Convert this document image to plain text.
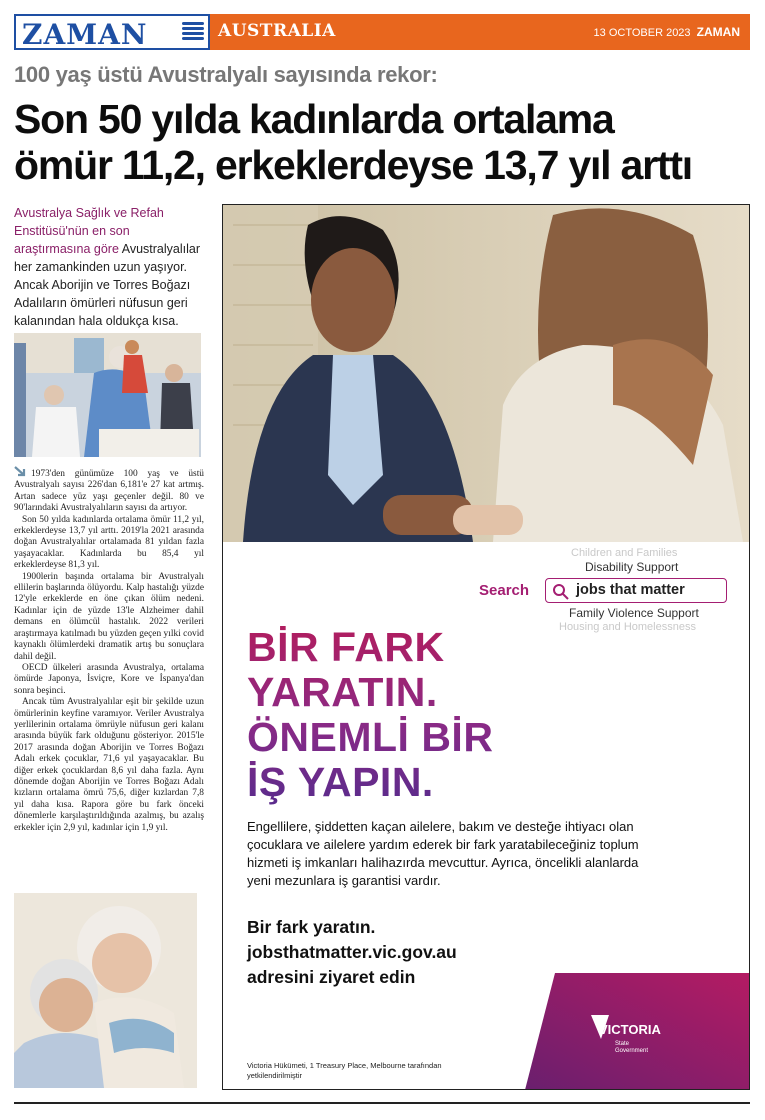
ZAMAN	AUSTRALIA	13 OCTOBER 2023 ZAMAN
100 yaş üstü Avustralyalı sayısında rekor:
Son 50 yılda kadınlarda ortalama
ömür 11,2, erkeklerdeyse 13,7 yıl arttı
Avustralya Sağlık ve Refah Enstitüsü'nün en son araştırmasına göre Avustralyalılar her zamankinden uzun yaşıyor. Ancak Aborijin ve Torres Boğazı Adalıların ömürleri nüfusun geri kalanından hala oldukça kısa.

1973'den günümüze 100 yaş ve üstü Avustralyalı sayısı 226'dan 6,181'e 27 kat artmış. Artan sadece yüz yaşı geçenler değil. 80 ve 90'larındaki Avustralyalıların sayısı da artıyor.

Son 50 yılda kadınlarda ortalama ömür 11,2 yıl, erkeklerdeyse 13,7 yıl arttı. 2019'la 2021 arasında doğan Avustralyalılar ortalamada 81 yıldan fazla yaşayacaklar. Kadınlarda bu 85,4 yıl erkeklerdeyse 81,3 yıl.

1900lerin başında ortalama bir Avustralyalı ellilerin başlarında ölüyordu. Kalp hastalığı yüzde 12'yle erkeklerde en öne çıkan ölüm nedeni. Kadınlar için de yüzde 13'le Alzheimer dahil demans en ölümcül hastalık. 2022 verileri araştırmaya katılmadı bu yüzden geçen yılki covid kaynaklı ölümlerdeki dramatik artış bu sonuçlara dahil değil.

OECD ülkeleri arasında Avustralya, ortalama ömürde Japonya, İsviçre, Kore ve İspanya'dan sonra beşinci.

Ancak tüm Avustralyalılar eşit bir şekilde uzun ömürlerinin keyfine varamıyor. Veriler Avustralya yerlilerinin ortalama ömrüyle nüfusun geri kalanı arasında büyük fark olduğunu gösteriyor. 2015'le 2017 arasında doğan Aborijin ve Torres Boğazı Adalı erkek çocuklar, 71,6 yıl yaşayacaklar. Bu diğer erkek çocuklardan 8,6 yıl daha fazla. Aynı dönemde doğan Aborijin ve Torres Boğazı Adalı kızların ortalama ömrü 75,6, diğer kızlardan 7,8 yıl daha kısa. Rapora göre bu fark önceki dönemlerle karşılaştırıldığında azalmış, bu azalış erkekler için 2,9 yıl, kadınlar için 1,9 yıl.

Children and Families
Disability Support
Search	jobs that matter
Family Violence Support
Housing and Homelessness
BİR FARK
YARATIN.
ÖNEMLİ BİR
İŞ YAPIN.
Engellilere, şiddetten kaçan ailelere, bakım ve desteğe ihtiyacı olan çocuklara ve ailelere yardım ederek bir fark yaratabileceğiniz toplum hizmeti iş imkanları halihazırda mevcuttur. Ayrıca, öncelikli alanlarda yeni mezunlara iş garantisi vardır.
Bir fark yaratın.
jobsthatmatter.vic.gov.au
adresini ziyaret edin
Victoria Hükümeti, 1 Treasury Place, Melbourne tarafından yetkilendirilmiştir
VICTORIA
State
Government
